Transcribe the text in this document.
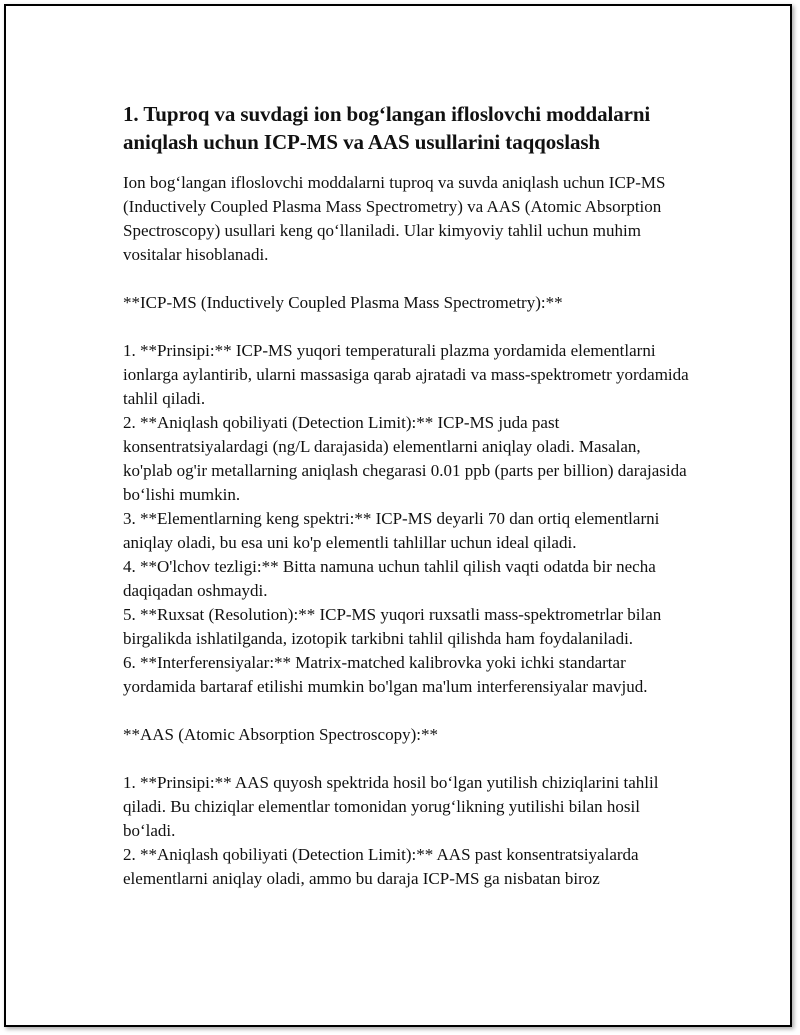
1. Tuproq va suvdagi ion bog‘langan ifloslovchi moddalarni aniqlash uchun ICP-MS va AAS usullarini taqqoslash

Ion bog‘langan ifloslovchi moddalarni tuproq va suvda aniqlash uchun ICP-MS (Inductively Coupled Plasma Mass Spectrometry) va AAS (Atomic Absorption Spectroscopy) usullari keng qo‘llaniladi. Ular kimyoviy tahlil uchun muhim vositalar hisoblanadi.

**ICP-MS (Inductively Coupled Plasma Mass Spectrometry):**

1. **Prinsipi:** ICP-MS yuqori temperaturali plazma yordamida elementlarni ionlarga aylantirib, ularni massasiga qarab ajratadi va mass-spektrometr yordamida tahlil qiladi.

2. **Aniqlash qobiliyati (Detection Limit):** ICP-MS juda past konsentratsiyalardagi (ng/L darajasida) elementlarni aniqlay oladi. Masalan, ko'plab og'ir metallarning aniqlash chegarasi 0.01 ppb (parts per billion) darajasida bo‘lishi mumkin.

3. **Elementlarning keng spektri:** ICP-MS deyarli 70 dan ortiq elementlarni aniqlay oladi, bu esa uni ko'p elementli tahlillar uchun ideal qiladi.

4. **O'lchov tezligi:** Bitta namuna uchun tahlil qilish vaqti odatda bir necha daqiqadan oshmaydi.

5. **Ruxsat (Resolution):** ICP-MS yuqori ruxsatli mass-spektrometrlar bilan birgalikda ishlatilganda, izotopik tarkibni tahlil qilishda ham foydalaniladi.

6. **Interferensiyalar:** Matrix-matched kalibrovka yoki ichki standartar yordamida bartaraf etilishi mumkin bo'lgan ma'lum interferensiyalar mavjud.

**AAS (Atomic Absorption Spectroscopy):**

1. **Prinsipi:** AAS quyosh spektrida hosil bo‘lgan yutilish chiziqlarini tahlil qiladi. Bu chiziqlar elementlar tomonidan yorug‘likning yutilishi bilan hosil bo‘ladi.

2. **Aniqlash qobiliyati (Detection Limit):** AAS past konsentratsiyalarda elementlarni aniqlay oladi, ammo bu daraja ICP-MS ga nisbatan biroz
